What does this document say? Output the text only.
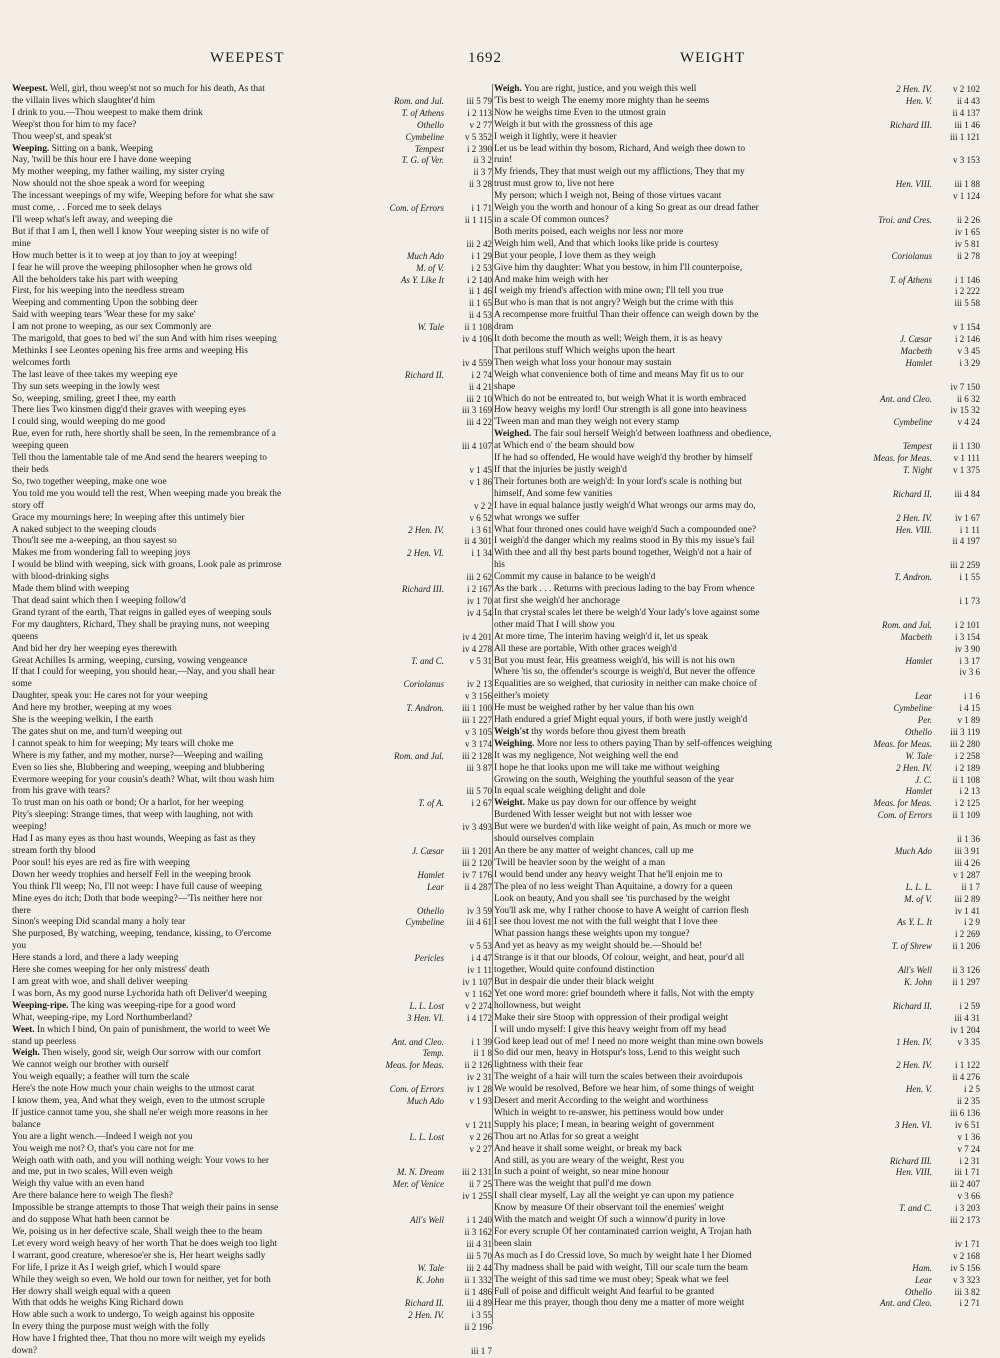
WEEPEST	1692	WEIGHT
Weepest. Well, girl, thou weep'st not so much for his death, As that
the villain lives which slaughter'd him	Rom. and Jul. iii 5 79
I drink to you.—Thou weepest to make them drink	T. of Athens	i 2 113
Weep'st thou for him to my face?	Othello	v 2 77
Thou weep'st, and speak'st	Cymbeline v 5 352
Weeping. Sitting on a bank, Weeping	Tempest	i 2 390
Nay, 'twill be this hour ere I have done weeping	T. G. of Ver.	ii 3 2
My mother weeping, my father wailing, my sister crying	ii 3 7
Now should not the shoe speak a word for weeping	ii 3 28
The incessant weepings of my wife, Weeping before for what she saw
must come, . . Forced me to seek delays	Com. of Errors	i 1 71
I'll weep what's left away, and weeping die	ii 1 115
But if that I am I, then well I know Your weeping sister is no wife of
mine	iii 2 42
How much better is it to weep at joy than to joy at weeping!	Much Ado	i 1 29
I fear he will prove the weeping philosopher when he grows old	M. of V.	i 2 53
All the beholders take his part with weeping	As Y. Like It	i 2 140
First, for his weeping into the needless stream	ii 1 46
Weeping and commenting Upon the sobbing deer	ii 1 65
Said with weeping tears 'Wear these for my sake'	ii 4 53
I am not prone to weeping, as our sex Commonly are	W. Tale ii 1 108
The marigold, that goes to bed wi' the sun And with him rises weeping	iv 4 106
Methinks I see Leontes opening his free arms and weeping His
welcomes forth	iv 4 559
The last leave of thee takes my weeping eye	Richard II.	i 2 74
Thy sun sets weeping in the lowly west	ii 4 21
So, weeping, smiling, greet I thee, my earth	iii 2 10
There lies Two kinsmen digg'd their graves with weeping eyes	iii 3 169
I could sing, would weeping do me good	iii 4 22
Rue, even for ruth, here shortly shall be seen, In the remembrance of a
weeping queen	iii 4 107
Tell thou the lamentable tale of me And send the hearers weeping to
their beds	v 1 45
So, two together weeping, make one woe	v 1 86
You told me you would tell the rest, When weeping made you break the
story off	v 2 2
Grace my mournings here; In weeping after this untimely bier	v 6 52
A naked subject to the weeping clouds	2 Hen. IV.	i 3 61
Thou'lt see me a-weeping, an thou sayest so	ii 4 301
Makes me from wondering fall to weeping joys	2 Hen. VI.	i 1 34
I would be blind with weeping, sick with groans, Look pale as primrose
with blood-drinking sighs	iii 2 62
Made them blind with weeping	Richard III.	i 2 167
That dead saint which then I weeping follow'd	iv 1 70
Grand tyrant of the earth, That reigns in galled eyes of weeping souls	iv 4 54
For my daughters, Richard, They shall be praying nuns, not weeping
queens	iv 4 201
And bid her dry her weeping eyes therewith	iv 4 278
Great Achilles Is arming, weeping, cursing, vowing vengeance	T. and C.	v 5 31
If that I could for weeping, you should hear,—Nay, and you shall hear
some	Coriolanus	iv 2 13
Daughter, speak you: He cares not for your weeping	v 3 156
And here my brother, weeping at my woes	T. Andron. iii 1 100
She is the weeping welkin, I the earth	iii 1 227
The gates shut on me, and turn'd weeping out	v 3 105
I cannot speak to him for weeping; My tears will choke me	v 3 174
Where is my father, and my mother, nurse?—Weeping and wailing	Rom. and Jul. iii 2 128
Even so lies she, Blubbering and weeping, weeping and blubbering	iii 3 87
Evermore weeping for your cousin's death? What, wilt thou wash him
from his grave with tears?	iii 5 70
To trust man on his oath or bond; Or a harlot, for her weeping	T. of A.	i 2 67
Pity's sleeping: Strange times, that weep with laughing, not with
weeping!	iv 3 493
Had I as many eyes as thou hast wounds, Weeping as fast as they
stream forth thy blood	J. Cæsar iii 1 201
Poor soul! his eyes are red as fire with weeping	iii 2 120
Down her weedy trophies and herself Fell in the weeping brook	Hamlet iv 7 176
You think I'll weep; No, I'll not weep: I have full cause of weeping	Lear ii 4 287
Mine eyes do itch; Doth that bode weeping?—'Tis neither here nor
there	Othello	iv 3 59
Sinon's weeping Did scandal many a holy tear	Cymbeline iii 4 61
She purposed, By watching, weeping, tendance, kissing, to O'ercome
you	v 5 53
Here stands a lord, and there a lady weeping	Pericles	i 4 47
Here she comes weeping for her only mistress' death	iv 1 11
I am great with woe, and shall deliver weeping	iv 1 107
I was born, As my good nurse Lychorida hath oft Deliver'd weeping	v 1 162
Weeping-ripe. The king was weeping-ripe for a good word	L. L. Lost v 2 274
What, weeping-ripe, my Lord Northumberland?	3 Hen. VI.	i 4 172
Weet. In which I bind, On pain of punishment, the world to weet We
stand up peerless	Ant. and Cleo.	i 1 39
Weigh. Then wisely, good sir, weigh Our sorrow with our comfort	Temp.	ii 1 8
We cannot weigh our brother with ourself	Meas. for Meas. ii 2 126
You weigh equally; a feather will turn the scale	iv 2 31
Here's the note How much your chain weighs to the utmost carat	Com. of Errors	iv 1 28
I know them, yea, And what they weigh, even to the utmost scruple	Much Ado	v 1 93
If justice cannot tame you, she shall ne'er weigh more reasons in her
balance	v 1 211
You are a light wench.—Indeed I weigh not you	L. L. Lost	v 2 26
You weigh me not? O, that's you care not for me	v 2 27
Weigh oath with oath, and you will nothing weigh: Your vows to her
and me, put in two scales, Will even weigh	M. N. Dream iii 2 131
Weigh thy value with an even hand	Mer. of Venice	ii 7 25
Are there balance here to weigh The flesh?	iv 1 255
Impossible be strange attempts to those That weigh their pains in sense
and do suppose What hath been cannot be	All's Well	i 1 240
We, poising us in her defective scale, Shall weigh thee to the beam	ii 3 162
Let every word weigh heavy of her worth That he does weigh too light	iii 4 31
I warrant, good creature, wheresoe'er she is, Her heart weighs sadly	iii 5 70
For life, I prize it As I weigh grief, which I would spare	W. Tale iii 2 44
While they weigh so even, We hold our town for neither, yet for both	K. John ii 1 332
Her dowry shall weigh equal with a queen	ii 1 486
With that odds he weighs King Richard down	Richard II. iii 4 89
How able such a work to undergo, To weigh against his opposite	2 Hen. IV.	i 3 55
In every thing the purpose must weigh with the folly	ii 2 196
How have I frighted thee, That thou no more wilt weigh my eyelids
down?	iii 1 7
Weigh. You are right, justice, and you weigh this well	2 Hen. IV. v 2 102
'Tis best to weigh The enemy more mighty than he seems	Hen. V.	ii 4 43
Now he weighs time Even to the utmost grain	ii 4 137
Weigh it but with the grossness of this age	Richard III. iii 1 46
I weigh it lightly, were it heavier	iii 1 121
Let us be lead within thy bosom, Richard, And weigh thee down to
ruin!	v 3 153
My friends, They that must weigh out my afflictions, They that my
trust must grow to, live not here	Hen. VIII. iii 1 88
My person; which I weigh not, Being of those virtues vacant	v 1 124
Weigh you the worth and honour of a king So great as our dread father
in a scale Of common ounces?	Troi. and Cres.	ii 2 26
Both merits poised, each weighs nor less nor more	iv 1 65
Weigh him well, And that which looks like pride is courtesy	iv 5 81
But your people, I love them as they weigh	Coriolanus	ii 2 78
Give him thy daughter: What you bestow, in him I'll counterpoise,
And make him weigh with her	T. of Athens	i 1 146
I weigh my friend's affection with mine own; I'll tell you true	i 2 222
But who is man that is not angry? Weigh but the crime with this	iii 5 58
A recompense more fruitful Than their offence can weigh down by the
dram	v 1 154
It doth become the mouth as well; Weigh them, it is as heavy	J. Cæsar	i 2 146
That perilous stuff Which weighs upon the heart	Macbeth	v 3 45
Then weigh what loss your honour may sustain	Hamlet	i 3 29
Weigh what convenience both of time and means May fit us to our
shape	iv 7 150
Which do not be entreated to, but weigh What it is worth embraced	Ant. and Cleo.	ii 6 32
How heavy weighs my lord! Our strength is all gone into heaviness	iv 15 32
'Tween man and man they weigh not every stamp	Cymbeline	v 4 24
Weighed. The fair soul herself Weigh'd between loathness and obedience,
at Which end o' the beam should bow	Tempest ii 1 130
If he had so offended, He would have weigh'd thy brother by himself	Meas. for Meas. v 1 111
If that the injuries be justly weigh'd	T. Night v 1 375
Their fortunes both are weigh'd: In your lord's scale is nothing but
himself, And some few vanities	Richard II. iii 4 84
I have in equal balance justly weigh'd What wrongs our arms may do,
what wrongs we suffer	2 Hen. IV.	iv 1 67
What four throned ones could have weigh'd Such a compounded one?	Hen. VIII.	i 1 11
I weigh'd the danger which my realms stood in By this my issue's fail	ii 4 197
With thee and all thy best parts bound together, Weigh'd not a hair of
his	iii 2 259
Commit my cause in balance to be weigh'd	T. Andron.	i 1 55
As the bark . . . Returns with precious lading to the bay From whence
at first she weigh'd her anchorage	i 1 73
In that crystal scales let there be weigh'd Your lady's love against some
other maid That I will show you	Rom. and Jul.	i 2 101
At more time, The interim having weigh'd it, let us speak	Macbeth	i 3 154
All these are portable, With other graces weigh'd	iv 3 90
But you must fear, His greatness weigh'd, his will is not his own	Hamlet	i 3 17
Where 'tis so, the offender's scourge is weigh'd, But never the offence	iv 3 6
Equalities are so weighed, that curiosity in neither can make choice of
either's moiety	Lear	i 1 6
He must be weighed rather by her value than his own	Cymbeline	i 4 15
Hath endured a grief Might equal yours, if both were justly weigh'd	Per.	v 1 89
Weigh'st thy words before thou givest them breath	Othello iii 3 119
Weighing. More nor less to others paying Than by self-offences weighing	Meas. for Meas. iii 2 280
It was my negligence, Not weighing well the end	W. Tale	i 2 258
I hope he that looks upon me will take me without weighing	2 Hen. IV.	i 2 189
Growing on the south, Weighing the youthful season of the year	J. C. ii 1 108
In equal scale weighing delight and dole	Hamlet	i 2 13
Weight. Make us pay down for our offence by weight	Meas. for Meas.	i 2 125
Burdened With lesser weight but not with lesser woe	Com. of Errors ii 1 109
But were we burden'd with like weight of pain, As much or more we
should ourselves complain	ii 1 36
An there be any matter of weight chances, call up me	Much Ado iii 3 91
'Twill be heavier soon by the weight of a man	iii 4 26
I would bend under any heavy weight That he'll enjoin me to	v 1 287
The plea of no less weight Than Aquitaine, a dowry for a queen	L. L. L.	ii 1 7
Look on beauty, And you shall see 'tis purchased by the weight	M. of V. iii 2 89
You'll ask me, why I rather choose to have A weight of carrion flesh	iv 1 41
I see thou lovest me not with the full weight that I love thee	As Y. L. It	i 2 9
What passion hangs these weights upon my tongue?	i 2 269
And yet as heavy as my weight should be.—Should be!	T. of Shrew ii 1 206
Strange is it that our bloods, Of colour, weight, and heat, pour'd all
together, Would quite confound distinction	All's Well ii 3 126
But in despair die under their black weight	K. John ii 1 297
Yet one word more: grief boundeth where it falls, Not with the empty
hollowness, but weight	Richard II.	i 2 59
Make their sire Stoop with oppression of their prodigal weight	iii 4 31
I will undo myself: I give this heavy weight from off my head	iv 1 204
God keep lead out of me! I need no more weight than mine own bowels	1 Hen. IV.	v 3 35
So did our men, heavy in Hotspur's loss, Lend to this weight such
lightness with their fear	2 Hen. IV.	i 1 122
The weight of a hair will turn the scales between their avoirdupois	ii 4 276
We would be resolved, Before we hear him, of some things of weight	Hen. V.	i 2 5
Desert and merit According to the weight and worthiness	ii 2 35
Which in weight to re-answer, his pettiness would bow under	iii 6 136
Supply his place; I mean, in bearing weight of government	3 Hen. VI.	iv 6 51
Thou art no Atlas for so great a weight	v 1 36
And heave it shall some weight, or break my back	v 7 24
And still, as you are weary of the weight, Rest you	Richard III.	i 2 31
In such a point of weight, so near mine honour	Hen. VIII. iii 1 71
There was the weight that pull'd me down	iii 2 407
I shall clear myself, Lay all the weight ye can upon my patience	v 3 66
Know by measure Of their observant toil the enemies' weight	T. and C.	i 3 203
With the match and weight Of such a winnow'd purity in love	iii 2 173
For every scruple Of her contaminated carrion weight, A Trojan hath
been slain	iv 1 71
As much as I do Cressid love, So much by weight hate I her Diomed	v 2 168
Thy madness shall be paid with weight, Till our scale turn the beam	Ham. iv 5 156
The weight of this sad time we must obey; Speak what we feel	Lear v 3 323
Full of poise and difficult weight And fearful to be granted	Othello iii 3 82
Hear me this prayer, though thou deny me a matter of more weight	Ant. and Cleo.	i 2 71
